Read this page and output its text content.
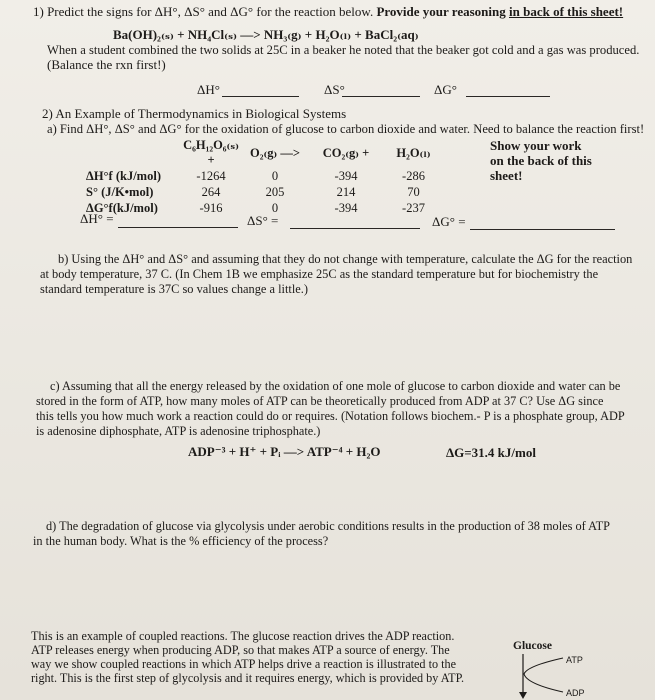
1) Predict the signs for ΔH°, ΔS° and ΔG° for the reaction below. Provide your reasoning in back of this sheet!
Ba(OH)₂₍ₛ₎ + NH₄Cl₍ₛ₎ —> NH₃₍g₎ + H₂O₍ₗ₎ + BaCl₂₍aq₎
When a student combined the two solids at 25C in a beaker he noted that the beaker got cold and a gas was produced.
(Balance the rxn first!)
ΔH°	ΔS°	ΔG°
2) An Example of Thermodynamics in Biological Systems
a) Find ΔH°, ΔS° and ΔG° for the oxidation of glucose to carbon dioxide and water. Need to balance the reaction first!
	C₆H₁₂O₆₍ₛ₎ +	O₂₍g₎ —>	CO₂₍g₎ +	H₂O₍ₗ₎
ΔH°f (kJ/mol)	-1264	0	-394	-286
S° (J/K•mol)	264	205	214	70
ΔG°f(kJ/mol)	-916	0	-394	-237
Show your work
on the back of this
sheet!
ΔH° =	ΔS° =	ΔG° =
b) Using the ΔH° and ΔS° and assuming that they do not change with temperature, calculate the ΔG for the reaction
at body temperature, 37 C. (In Chem 1B we emphasize 25C as the standard temperature but for biochemistry the
standard temperature is 37C so values change a little.)
c) Assuming that all the energy released by the oxidation of one mole of glucose to carbon dioxide and water can be
stored in the form of ATP, how many moles of ATP can be theoretically produced from ADP at 37 C? Use ΔG since
this tells you how much work a reaction could do or requires. (Notation follows biochem.- P is a phosphate group, ADP
is adenosine diphosphate, ATP is adenosine triphosphate.)
ADP⁻³ + H⁺ + Pᵢ —> ATP⁻⁴ + H₂O	ΔG=31.4 kJ/mol
d) The degradation of glucose via glycolysis under aerobic conditions results in the production of 38 moles of ATP
in the human body. What is the % efficiency of the process?
This is an example of coupled reactions. The glucose reaction drives the ADP reaction.
ATP releases energy when producing ADP, so that makes ATP a source of energy. The
way we show coupled reactions in which ATP helps drive a reaction is illustrated to the
right. This is the first step of glycolysis and it requires energy, which is provided by ATP.
Glucose
ATP
ADP
